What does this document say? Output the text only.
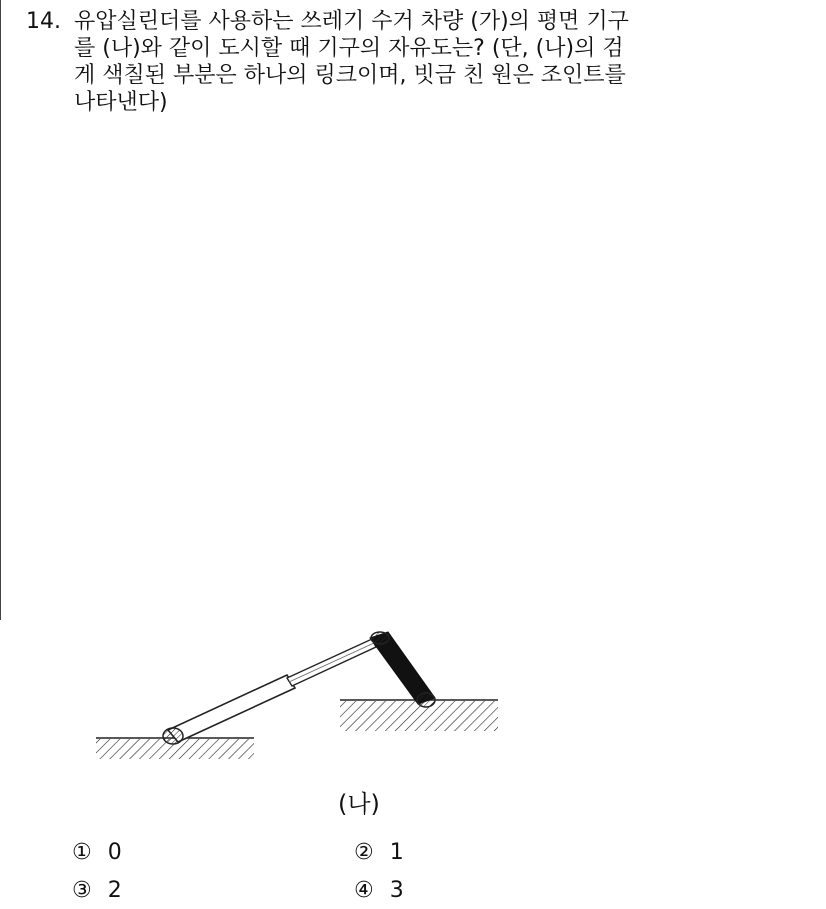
14. 유압실린더를 사용하는 쓰레기 수거 차량 (가)의 평면 기구
를 (나)와 같이 도시할 때 기구의 자유도는? (단, (나)의 검
게 색칠된 부분은 하나의 링크이며, 빗금 친 원은 조인트를
나타낸다)
(나)
① 0	② 1
③ 2	④ 3
